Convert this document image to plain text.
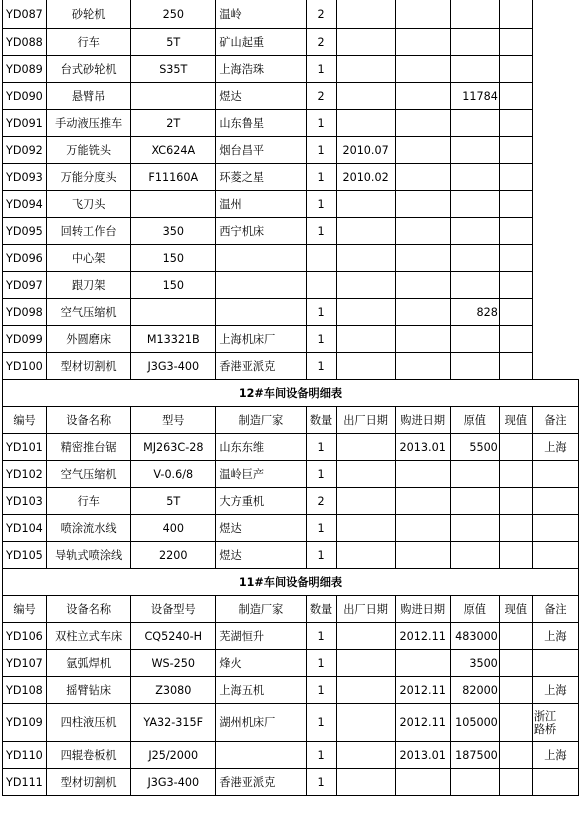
YD087	砂轮机	250	温岭	2					
YD088	行车	5T	矿山起重	2					
YD089	台式砂轮机	S35T	上海浩珠	1					
YD090	悬臂吊		煜达	2			11784		
YD091	手动液压推车	2T	山东鲁星	1					
YD092	万能铣头	XC624A	烟台昌平	1	2010.07				
YD093	万能分度头	F11160A	环菱之星	1	2010.02				
YD094	飞刀头		温州	1					
YD095	回转工作台	350	西宁机床	1					
YD096	中心架	150							
YD097	跟刀架	150							
YD098	空气压缩机			1			828		
YD099	外圆磨床	M13321B	上海机床厂	1					
YD100	型材切割机	J3G3-400	香港亚派克	1					
12#车间设备明细表									
编号	设备名称	型号	制造厂家	数量	出厂日期	购进日期	原值	现值	备注
YD101	精密推台锯	MJ263C-28	山东东维	1		2013.01	5500		上海
YD102	空气压缩机	V-0.6/8	温岭巨产	1					
YD103	行车	5T	大方重机	2					
YD104	喷涂流水线	400	煜达	1					
YD105	导轨式喷涂线	2200	煜达	1					
11#车间设备明细表									
编号	设备名称	设备型号	制造厂家	数量	出厂日期	购进日期	原值	现值	备注
YD106	双柱立式车床	CQ5240-H	芜湖恒升	1		2012.11	483000		上海
YD107	氩弧焊机	WS-250	烽火	1			3500		
YD108	摇臂钻床	Z3080	上海五机	1		2012.11	82000		上海
YD109	四柱液压机	YA32-315F	湖州机床厂	1		2012.11	105000		浙江
路桥
YD110	四辊卷板机	J25/2000		1		2013.01	187500		上海
YD111	型材切割机	J3G3-400	香港亚派克	1					
